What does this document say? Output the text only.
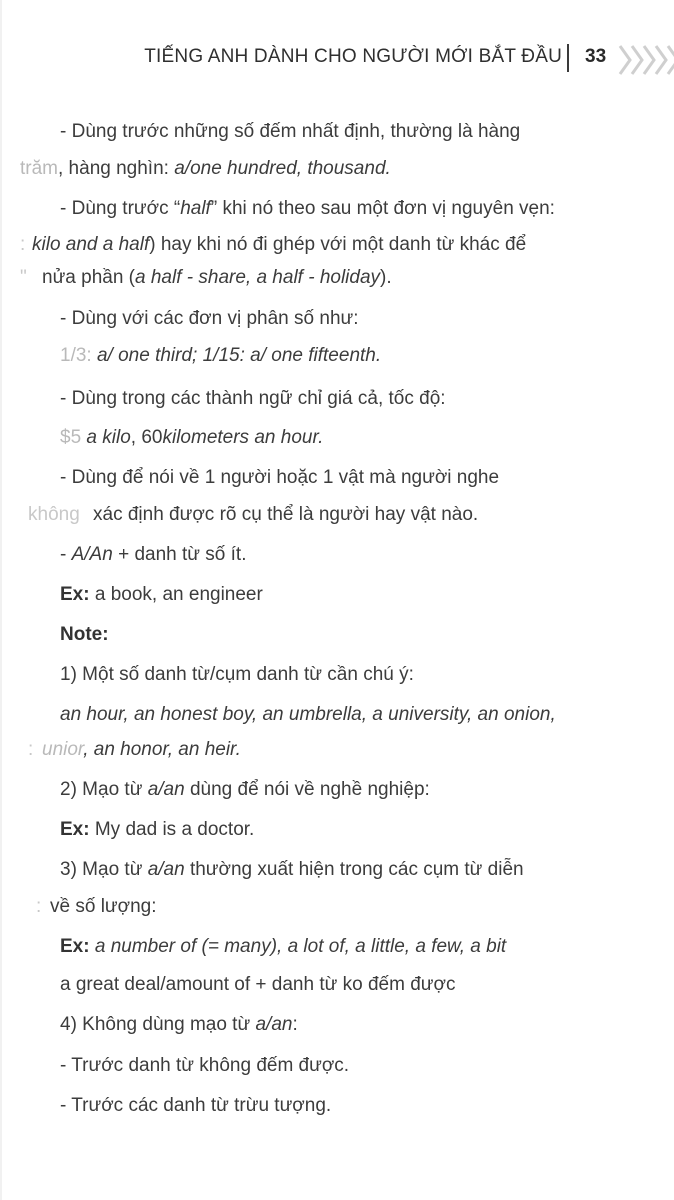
TIẾNG ANH DÀNH CHO NGƯỜI MỚI BẮT ĐẦU 33
- Dùng trước những số đếm nhất định, thường là hàng
trăm, hàng nghìn: a/one hundred, thousand.
- Dùng trước “half” khi nó theo sau một đơn vị nguyên vẹn:
: kilo and a half) hay khi nó đi ghép với một danh từ khác để
" nửa phần (a half - share, a half - holiday).
- Dùng với các đơn vị phân số như:
1/3: a/ one third; 1/15: a/ one fifteenth.
- Dùng trong các thành ngữ chỉ giá cả, tốc độ:
$5 a kilo, 60kilometers an hour.
- Dùng để nói về 1 người hoặc 1 vật mà người nghe
không xác định được rõ cụ thể là người hay vật nào.
- A/An + danh từ số ít.
Ex: a book, an engineer
Note:
1) Một số danh từ/cụm danh từ cần chú ý:
an hour, an honest boy, an umbrella, a university, an onion,
: unior, an honor, an heir.
2) Mạo từ a/an dùng để nói về nghề nghiệp:
Ex: My dad is a doctor.
3) Mạo từ a/an thường xuất hiện trong các cụm từ diễn
: về số lượng:
Ex: a number of (= many), a lot of, a little, a few, a bit
a great deal/amount of + danh từ ko đếm được
4) Không dùng mạo từ a/an:
- Trước danh từ không đếm được.
- Trước các danh từ trừu tượng.
